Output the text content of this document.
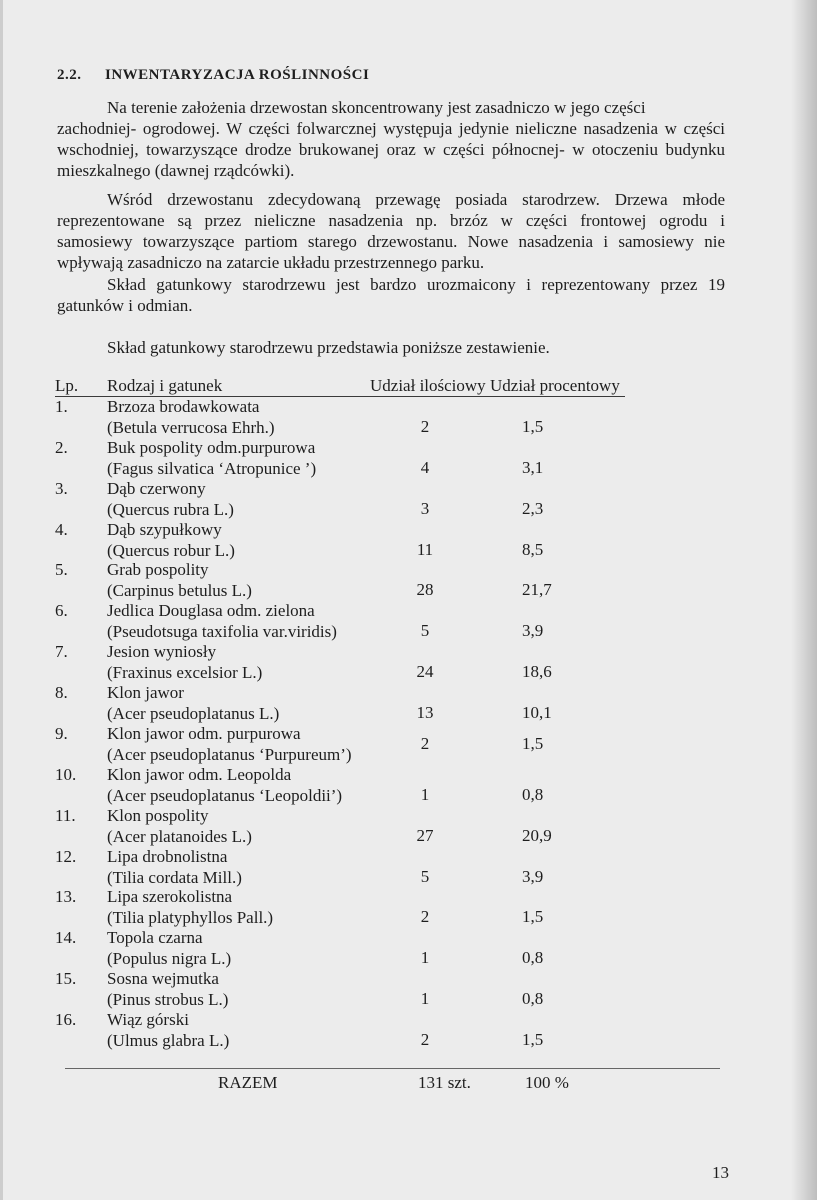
2.2. INWENTARYZACJA ROŚLINNOŚCI
Na terenie założenia drzewostan skoncentrowany jest zasadniczo w jego części
zachodniej- ogrodowej. W części folwarcznej występuja jedynie nieliczne nasadzenia w części
wschodniej, towarzyszące drodze brukowanej oraz w części północnej- w otoczeniu budynku
mieszkalnego (dawnej rządcówki).
Wśród drzewostanu zdecydowaną przewagę posiada starodrzew. Drzewa młode
reprezentowane są przez nieliczne nasadzenia np. brzóz w części frontowej ogrodu i
samosiewy towarzyszące partiom starego drzewostanu. Nowe nasadzenia i samosiewy nie
wpływają zasadniczo na zatarcie układu przestrzennego parku.
Skład gatunkowy starodrzewu jest bardzo urozmaicony i reprezentowany przez 19
gatunków i odmian.
Skład gatunkowy starodrzewu przedstawia poniższe zestawienie.
Lp. Rodzaj i gatunek	Udział ilościowy Udział procentowy
1. Brzoza brodawkowata
(Betula verrucosa Ehrh.)	2	1,5
2. Buk pospolity odm.purpurowa
(Fagus silvatica ‘Atropunice ’)	4	3,1
3. Dąb czerwony
(Quercus rubra L.)	3	2,3
4. Dąb szypułkowy
(Quercus robur L.)	11	8,5
5. Grab pospolity
(Carpinus betulus L.)	28	21,7
6. Jedlica Douglasa odm. zielona
(Pseudotsuga taxifolia var.viridis)	5	3,9
7. Jesion wyniosły
(Fraxinus excelsior L.)	24	18,6
8. Klon jawor
(Acer pseudoplatanus L.)	13	10,1
9. Klon jawor odm. purpurowa
(Acer pseudoplatanus ‘Purpureum’)
2	1,5
10. Klon jawor odm. Leopolda
(Acer pseudoplatanus ‘Leopoldii’)	1	0,8
11. Klon pospolity
(Acer platanoides L.)	27	20,9
12. Lipa drobnolistna
(Tilia cordata Mill.)	5	3,9
13. Lipa szerokolistna
(Tilia platyphyllos Pall.)	2	1,5
14. Topola czarna
(Populus nigra L.)	1	0,8
15. Sosna wejmutka
(Pinus strobus L.)	1	0,8
16. Wiąz górski
(Ulmus glabra L.)	2	1,5
RAZEM	131 szt.	100 %
13
